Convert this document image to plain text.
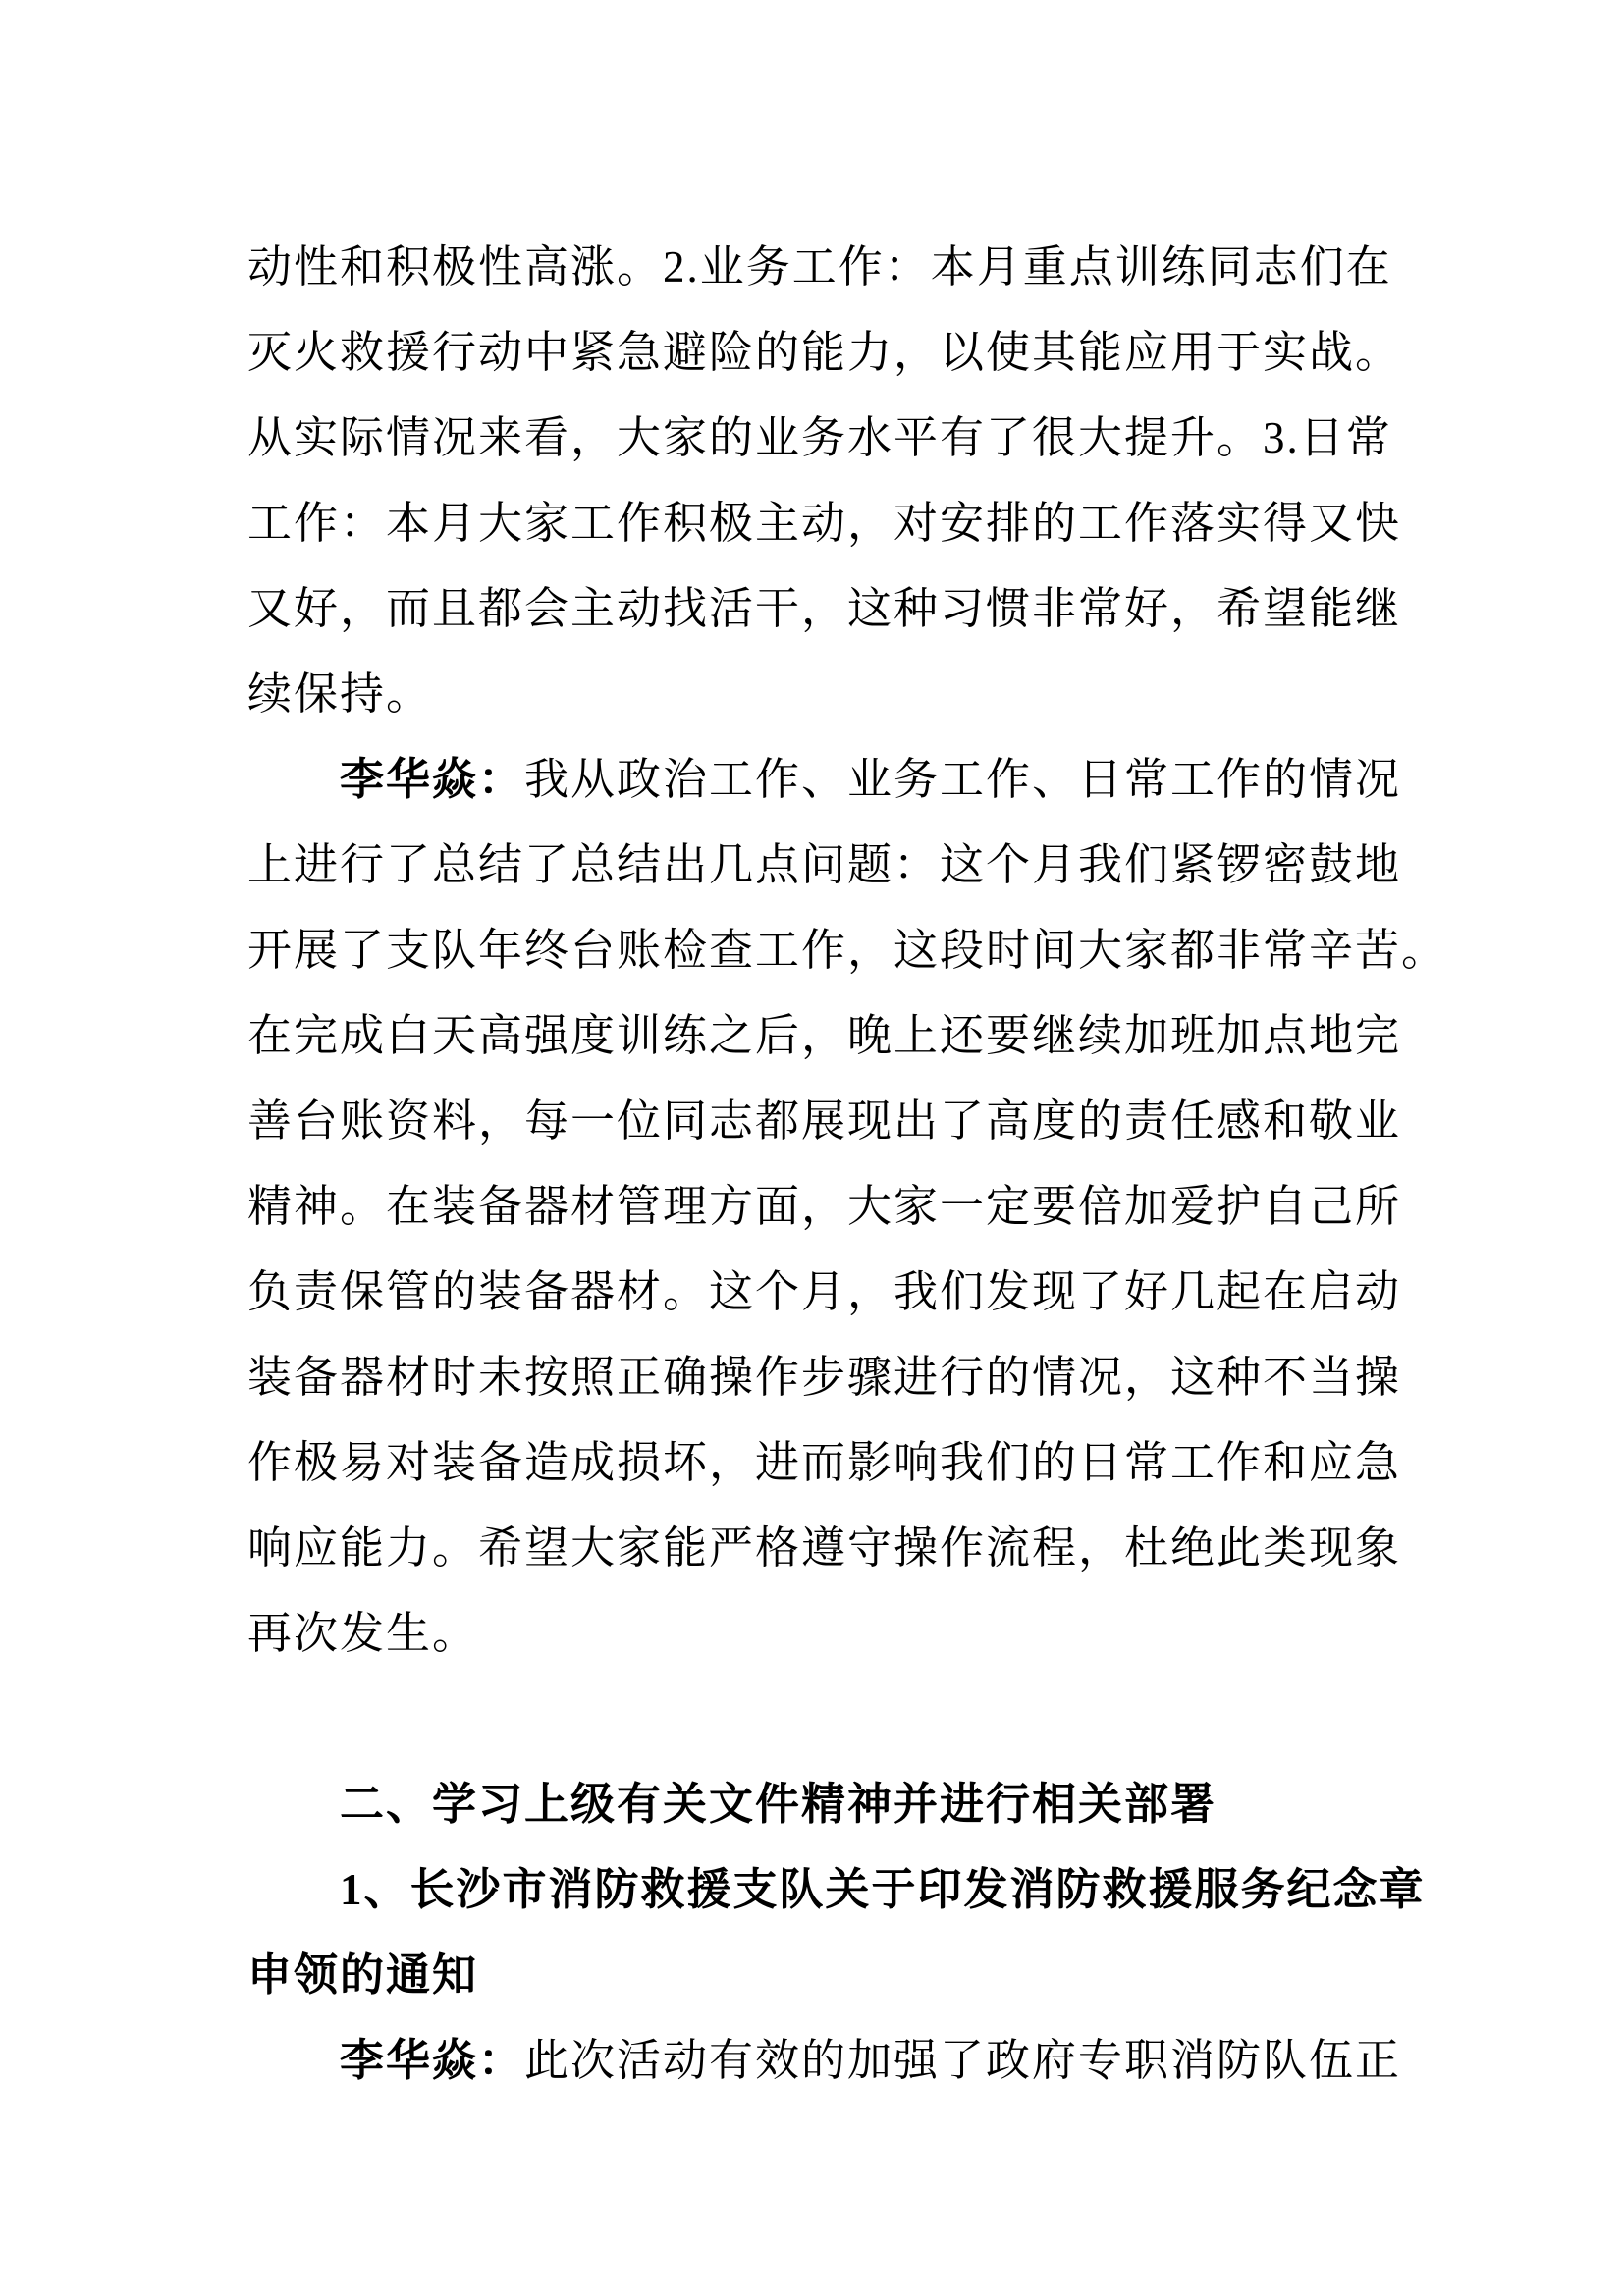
动性和积极性高涨。2.业务工作：本月重点训练同志们在
灭火救援行动中紧急避险的能力，以使其能应用于实战。
从实际情况来看，大家的业务水平有了很大提升。3.日常
工作：本月大家工作积极主动，对安排的工作落实得又快
又好，而且都会主动找活干，这种习惯非常好，希望能继
续保持。
李华焱：我从政治工作、业务工作、日常工作的情况
上进行了总结了总结出几点问题：这个月我们紧锣密鼓地
开展了支队年终台账检查工作，这段时间大家都非常辛苦。
在完成白天高强度训练之后，晚上还要继续加班加点地完
善台账资料，每一位同志都展现出了高度的责任感和敬业
精神。在装备器材管理方面，大家一定要倍加爱护自己所
负责保管的装备器材。这个月，我们发现了好几起在启动
装备器材时未按照正确操作步骤进行的情况，这种不当操
作极易对装备造成损坏，进而影响我们的日常工作和应急
响应能力。希望大家能严格遵守操作流程，杜绝此类现象
再次发生。
二、学习上级有关文件精神并进行相关部署
1、长沙市消防救援支队关于印发消防救援服务纪念章
申领的通知
李华焱：此次活动有效的加强了政府专职消防队伍正
